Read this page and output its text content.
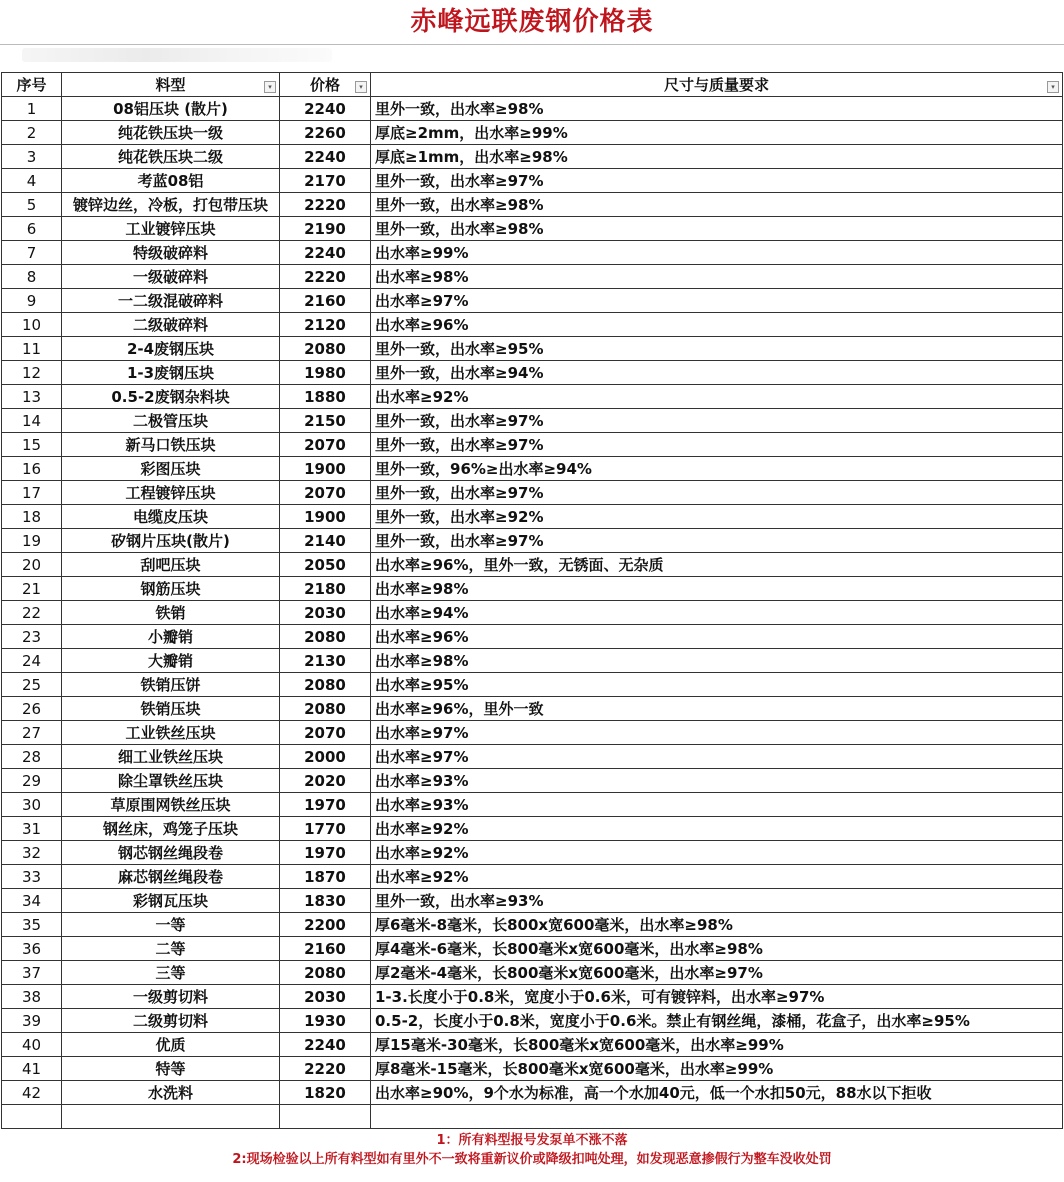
赤峰远联废钢价格表
序号	料型 ▾	价格 ▾	尺寸与质量要求 ▾

1	08铝压块 (散片)	2240	里外一致，出水率≥98%
2	纯花铁压块一级	2260	厚底≥2mm，出水率≥99%
3	纯花铁压块二级	2240	厚底≥1mm，出水率≥98%
4	考蓝08铝	2170	里外一致，出水率≥97%
5	镀锌边丝，冷板，打包带压块	2220	里外一致，出水率≥98%
6	工业镀锌压块	2190	里外一致，出水率≥98%
7	特级破碎料	2240	出水率≥99%
8	一级破碎料	2220	出水率≥98%
9	一二级混破碎料	2160	出水率≥97%
10	二级破碎料	2120	出水率≥96%
11	2-4废钢压块	2080	里外一致，出水率≥95%
12	1-3废钢压块	1980	里外一致，出水率≥94%
13	0.5-2废钢杂料块	1880	出水率≥92%
14	二极管压块	2150	里外一致，出水率≥97%
15	新马口铁压块	2070	里外一致，出水率≥97%
16	彩图压块	1900	里外一致，96%≥出水率≥94%
17	工程镀锌压块	2070	里外一致，出水率≥97%
18	电缆皮压块	1900	里外一致，出水率≥92%
19	矽钢片压块(散片)	2140	里外一致，出水率≥97%
20	刮吧压块	2050	出水率≥96%，里外一致，无锈面、无杂质
21	钢筋压块	2180	出水率≥98%
22	铁销	2030	出水率≥94%
23	小瓣销	2080	出水率≥96%
24	大瓣销	2130	出水率≥98%
25	铁销压饼	2080	出水率≥95%
26	铁销压块	2080	出水率≥96%，里外一致
27	工业铁丝压块	2070	出水率≥97%
28	细工业铁丝压块	2000	出水率≥97%
29	除尘罩铁丝压块	2020	出水率≥93%
30	草原围网铁丝压块	1970	出水率≥93%
31	钢丝床，鸡笼子压块	1770	出水率≥92%
32	钢芯钢丝绳段卷	1970	出水率≥92%
33	麻芯钢丝绳段卷	1870	出水率≥92%
34	彩钢瓦压块	1830	里外一致，出水率≥93%
35	一等	2200	厚6毫米-8毫米，长800x宽600毫米，出水率≥98%
36	二等	2160	厚4毫米-6毫米，长800毫米x宽600毫米，出水率≥98%
37	三等	2080	厚2毫米-4毫米，长800毫米x宽600毫米，出水率≥97%
38	一级剪切料	2030	1-3.长度小于0.8米，宽度小于0.6米，可有镀锌料，出水率≥97%
39	二级剪切料	1930	0.5-2，长度小于0.8米，宽度小于0.6米。禁止有钢丝绳，漆桶，花盒子，出水率≥95%
40	优质	2240	厚15毫米-30毫米，长800毫米x宽600毫米，出水率≥99%
41	特等	2220	厚8毫米-15毫米，长800毫米x宽600毫米，出水率≥99%
42	水洗料	1820	出水率≥90%，9个水为标准，高一个水加40元，低一个水扣50元，88水以下拒收

1：所有料型报号发泵单不涨不落
2:现场检验以上所有料型如有里外不一致将重新议价或降级扣吨处理，如发现恶意掺假行为整车没收处罚
